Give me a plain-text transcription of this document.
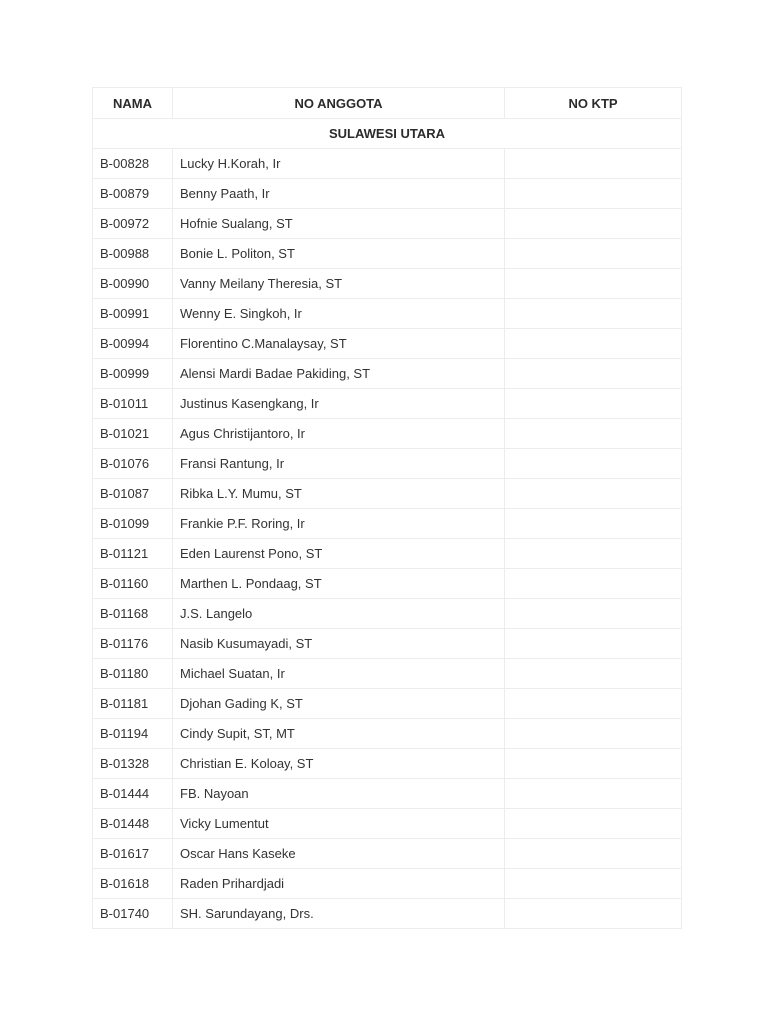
NAMA	NO ANGGOTA	NO KTP
SULAWESI UTARA		
B-00828	Lucky H.Korah, Ir	
B-00879	Benny Paath, Ir	
B-00972	Hofnie Sualang, ST	
B-00988	Bonie L. Politon, ST	
B-00990	Vanny Meilany Theresia, ST	
B-00991	Wenny E. Singkoh, Ir	
B-00994	Florentino C.Manalaysay, ST	
B-00999	Alensi Mardi Badae Pakiding, ST	
B-01011	Justinus Kasengkang, Ir	
B-01021	Agus Christijantoro, Ir	
B-01076	Fransi Rantung, Ir	
B-01087	Ribka L.Y. Mumu, ST	
B-01099	Frankie P.F. Roring, Ir	
B-01121	Eden Laurenst Pono, ST	
B-01160	Marthen L. Pondaag, ST	
B-01168	J.S. Langelo	
B-01176	Nasib Kusumayadi, ST	
B-01180	Michael Suatan, Ir	
B-01181	Djohan Gading K, ST	
B-01194	Cindy Supit, ST, MT	
B-01328	Christian E. Koloay, ST	
B-01444	FB. Nayoan	
B-01448	Vicky Lumentut	
B-01617	Oscar Hans Kaseke	
B-01618	Raden Prihardjadi	
B-01740	SH. Sarundayang, Drs.	
